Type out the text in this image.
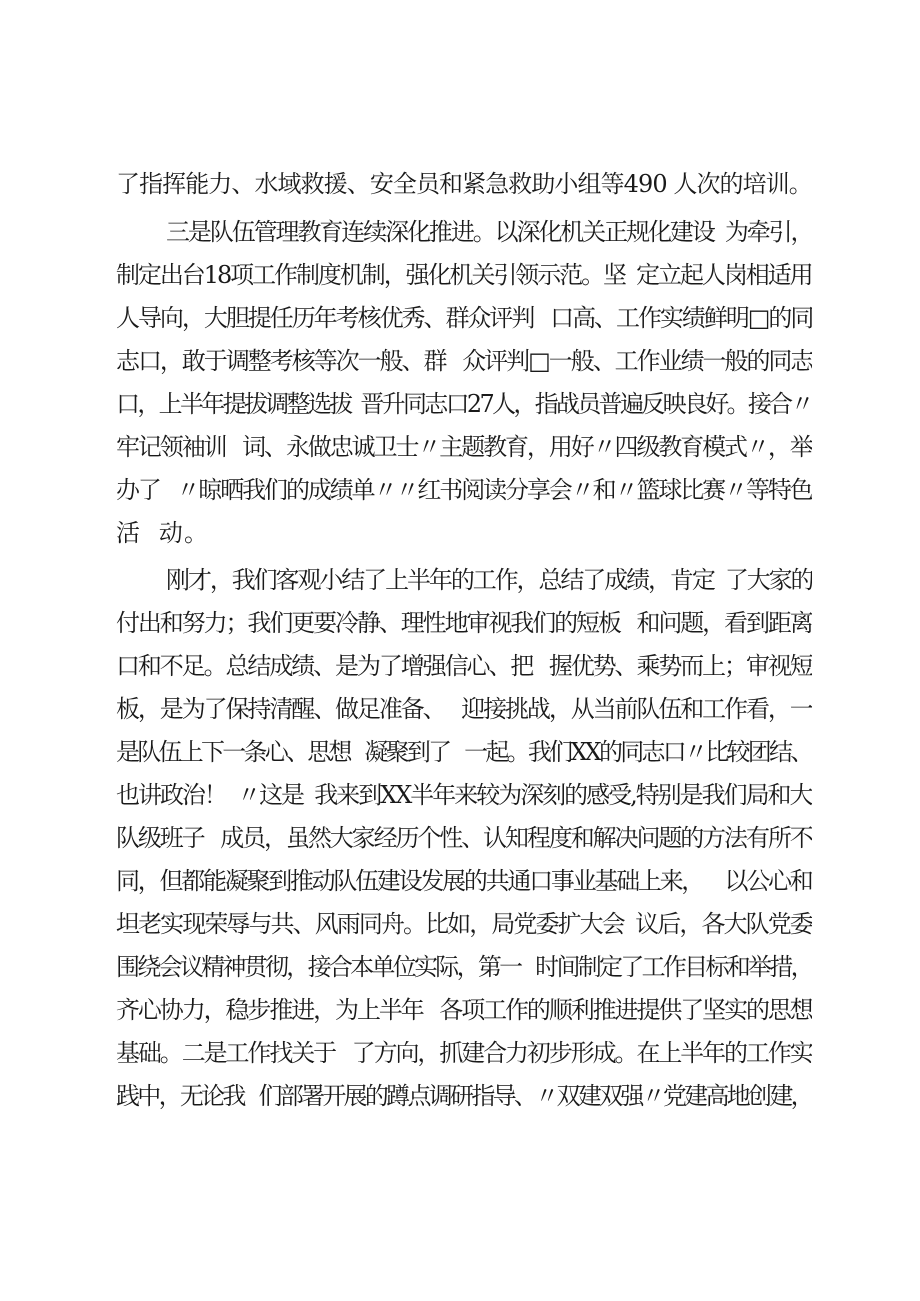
了指挥能力、水域救援、安全员和紧急救助小组等490 人次的培训。
三是队伍管理教育连续深化推进。以深化机关正规化建设  为牵引，
制定出台18项工作制度机制，强化机关引领示范。坚  定立起人岗相适用
人导向，大胆提任历年考核优秀、群众评判   口高、工作实绩鲜明□的同
志口，敢于调整考核等次一般、群   众评判□一般、工作业绩一般的同志
口，上半年提拔调整选拔  晋升同志口27人，指战员普遍反映良好。接合〃
牢记领袖训   词、永做忠诚卫士〃主题教育，用好〃四级教育模式〃，举
办了   〃晾晒我们的成绩单〃〃红书阅读分享会〃和〃篮球比赛〃等特色
活  动。
刚才，我们客观小结了上半年的工作，总结了成绩，肯定  了大家的
付出和努力；我们更要冷静、理性地审视我们的短板   和问题，看到距离
口和不足。总结成绩、是为了增强信心、把   握优势、乘势而上；审视短
板，是为了保持清醒、做足准备、   迎接挑战，从当前队伍和工作看，一
是队伍上下一条心、思想   凝聚到了   一起。我们XX的同志口〃比较团结、
也讲政治！  〃这是  我来到XX半年来较为深刻的感受,特别是我们局和大
队级班子   成员，虽然大家经历个性、认知程度和解决问题的方法有所不
同，但都能凝聚到推动队伍建设发展的共通口事业基础上来，    以公心和
坦老实现荣辱与共、风雨同舟。比如，局党委扩大会  议后，各大队党委
围绕会议精神贯彻，接合本单位实际，第一   时间制定了工作目标和举措，
齐心协力，稳步推进，为上半年   各项工作的顺利推进提供了坚实的思想
基础。二是工作找关于   了方向，抓建合力初步形成。在上半年的工作实
践中，无论我   们部署开展的蹲点调研指导、〃双建双强〃党建高地创建，
